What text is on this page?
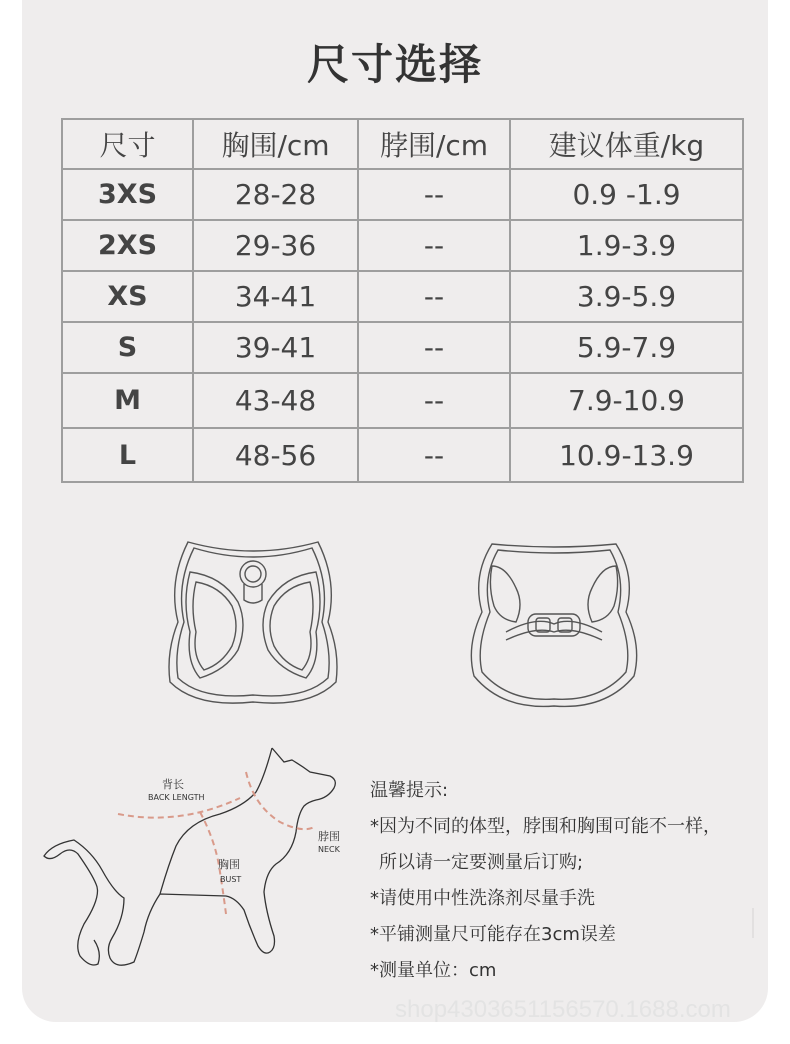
尺寸选择
尺寸	胸围/cm	脖围/cm	建议体重/kg
3XS	28-28	--	0.9 -1.9
2XS	29-36	--	1.9-3.9
XS	34-41	--	3.9-5.9
S	39-41	--	5.9-7.9
M	43-48	--	7.9-10.9
L	48-56	--	10.9-13.9
背长
BACK LENGTH
脖围
NECK
胸围
BUST
温馨提示:
*因为不同的体型，脖围和胸围可能不一样，
所以请一定要测量后订购;
*请使用中性洗涤剂尽量手洗
*平铺测量尺可能存在3cm误差
*测量单位：cm
shop4303651156570.1688.com
